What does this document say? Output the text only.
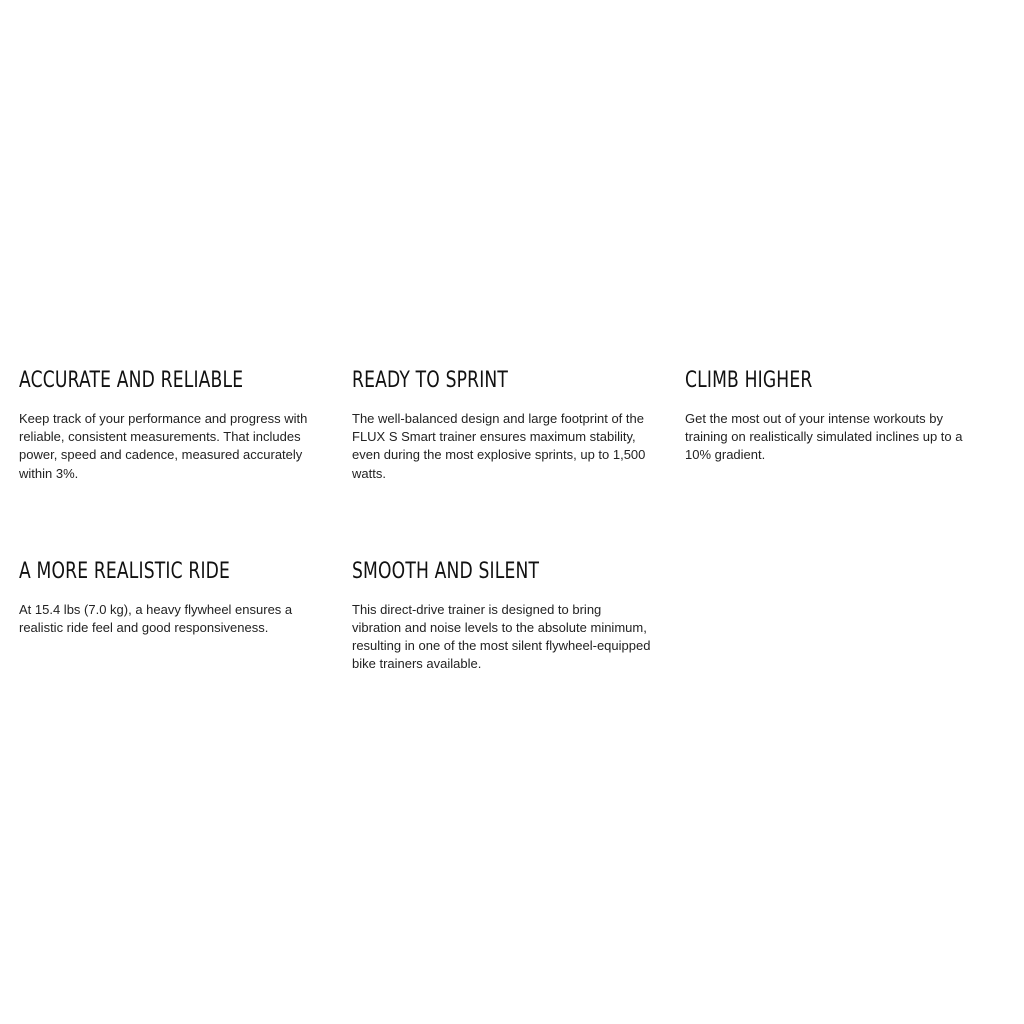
ACCURATE AND RELIABLE

Keep track of your performance and progress with reliable, consistent measurements. That includes power, speed and cadence, measured accurately within 3%.

READY TO SPRINT

The well-balanced design and large footprint of the FLUX S Smart trainer ensures maximum stability, even during the most explosive sprints, up to 1,500 watts.

CLIMB HIGHER

Get the most out of your intense workouts by training on realistically simulated inclines up to a 10% gradient.

A MORE REALISTIC RIDE

At 15.4 lbs (7.0 kg), a heavy flywheel ensures a realistic ride feel and good responsiveness.

SMOOTH AND SILENT

This direct-drive trainer is designed to bring vibration and noise levels to the absolute minimum, resulting in one of the most silent flywheel-equipped bike trainers available.
